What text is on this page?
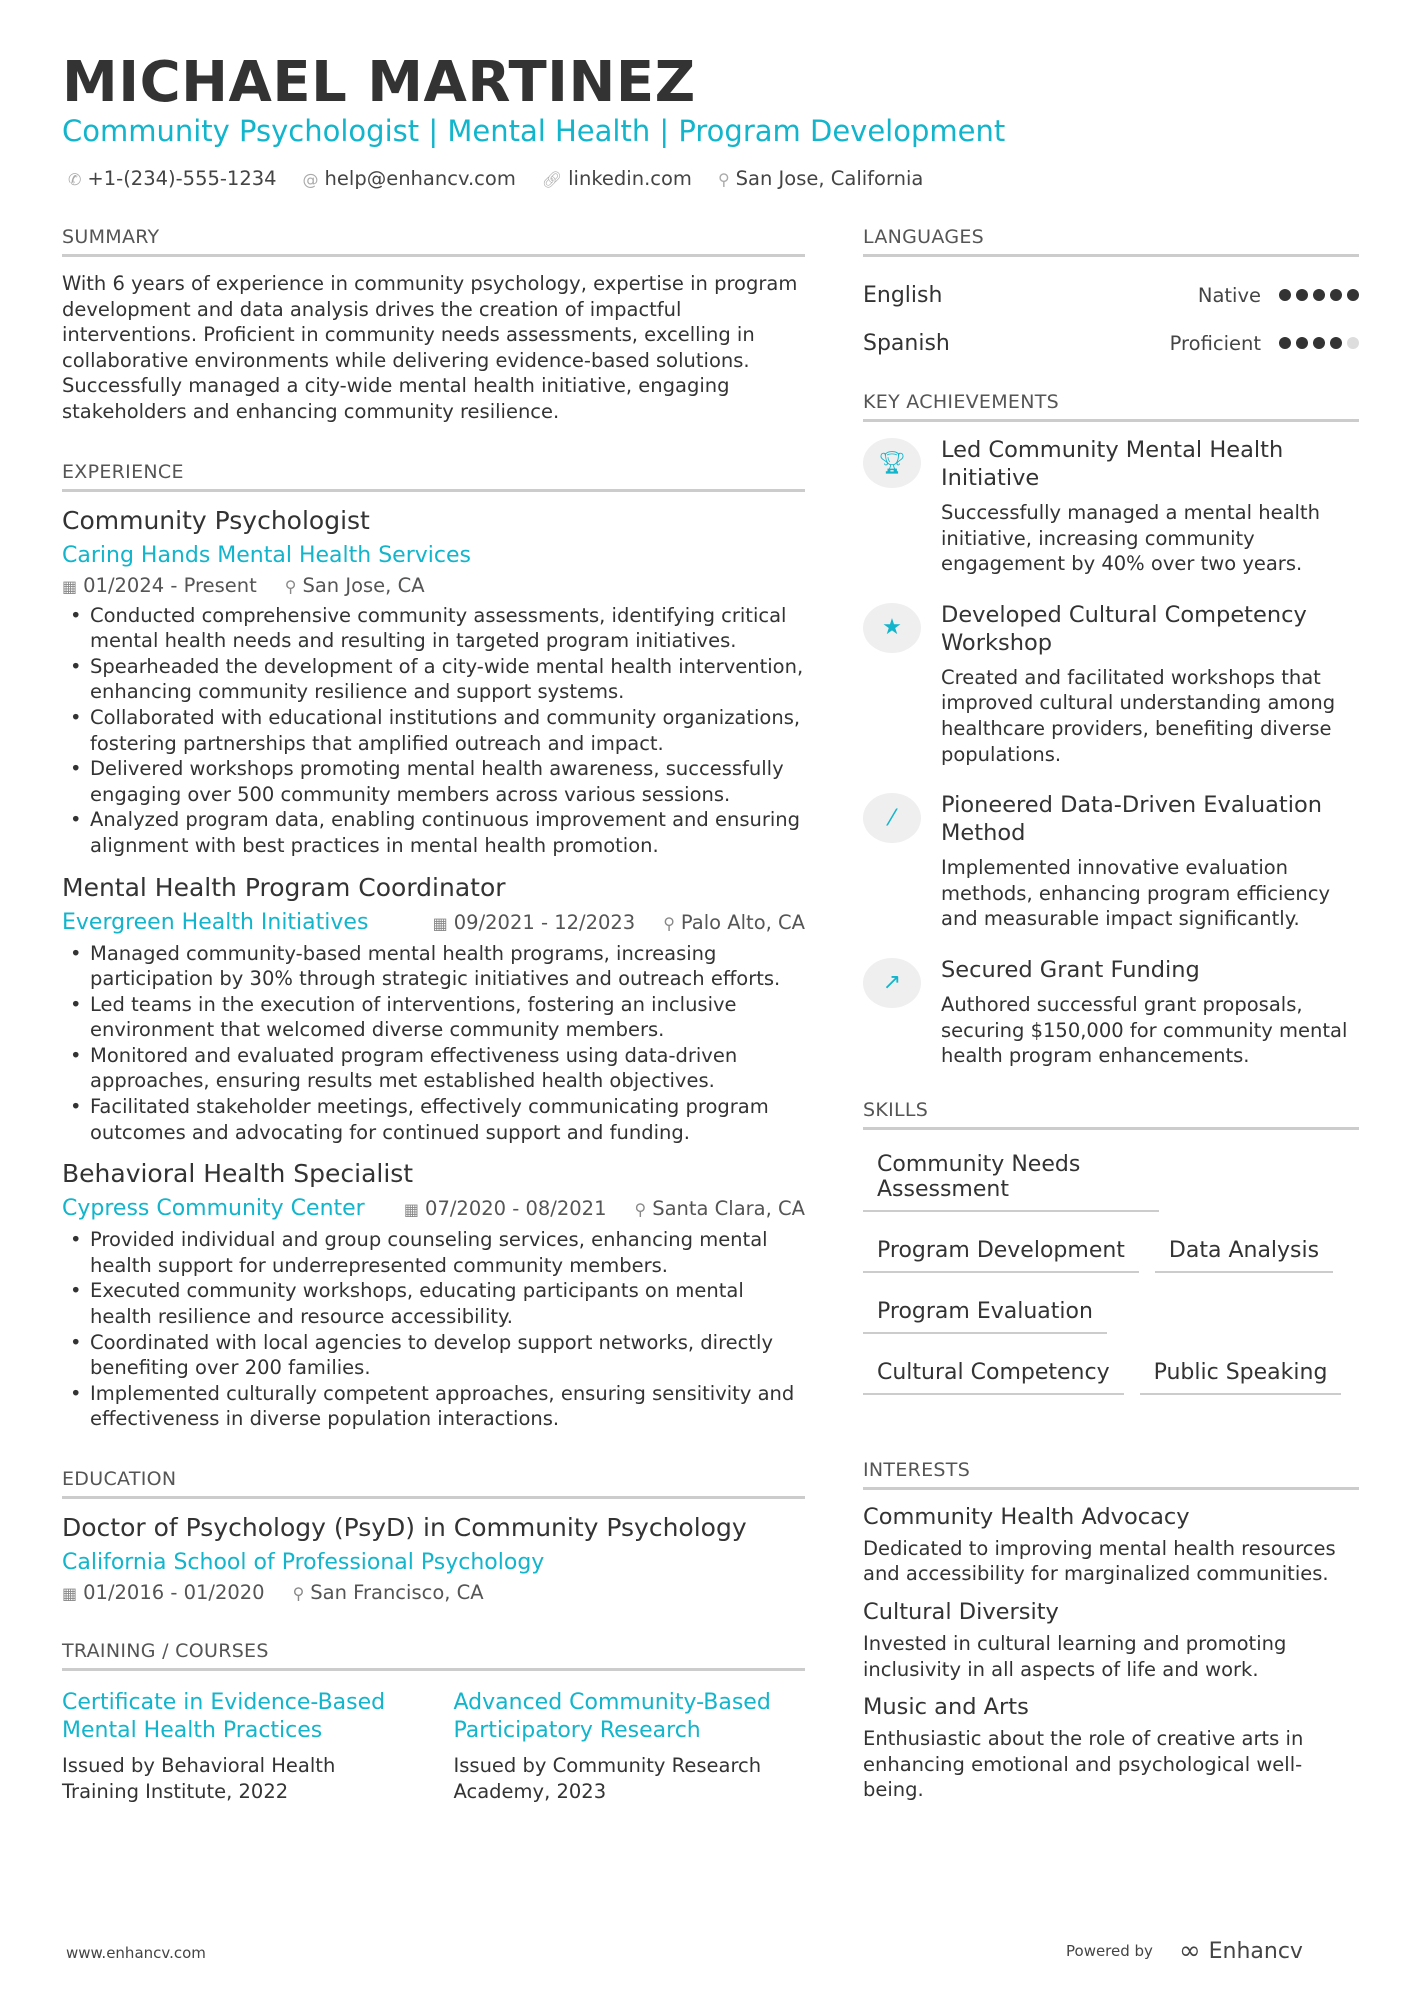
MICHAEL MARTINEZ
Community Psychologist | Mental Health | Program Development
✆ +1-(234)-555-1234 @ help@enhancv.com 🔗︎ linkedin.com ⚲ San Jose, California
SUMMARY
With 6 years of experience in community psychology, expertise in program development and data analysis drives the creation of impactful interventions. Proficient in community needs assessments, excelling in collaborative environments while delivering evidence-based solutions. Successfully managed a city-wide mental health initiative, engaging stakeholders and enhancing community resilience.
EXPERIENCE
Community Psychologist
Caring Hands Mental Health Services
▦ 01/2024 - Present ⚲ San Jose, CA
• Conducted comprehensive community assessments, identifying critical mental health needs and resulting in targeted program initiatives.
• Spearheaded the development of a city-wide mental health intervention, enhancing community resilience and support systems.
• Collaborated with educational institutions and community organizations, fostering partnerships that amplified outreach and impact.
• Delivered workshops promoting mental health awareness, successfully engaging over 500 community members across various sessions.
• Analyzed program data, enabling continuous improvement and ensuring alignment with best practices in mental health promotion.
Mental Health Program Coordinator
Evergreen Health Initiatives	▦ 09/2021 - 12/2023 ⚲ Palo Alto, CA
• Managed community-based mental health programs, increasing participation by 30% through strategic initiatives and outreach efforts.
• Led teams in the execution of interventions, fostering an inclusive environment that welcomed diverse community members.
• Monitored and evaluated program effectiveness using data-driven approaches, ensuring results met established health objectives.
• Facilitated stakeholder meetings, effectively communicating program outcomes and advocating for continued support and funding.
Behavioral Health Specialist
Cypress Community Center ▦ 07/2020 - 08/2021 ⚲ Santa Clara, CA
• Provided individual and group counseling services, enhancing mental health support for underrepresented community members.
• Executed community workshops, educating participants on mental health resilience and resource accessibility.
• Coordinated with local agencies to develop support networks, directly benefiting over 200 families.
• Implemented culturally competent approaches, ensuring sensitivity and effectiveness in diverse population interactions.
EDUCATION
Doctor of Psychology (PsyD) in Community Psychology
California School of Professional Psychology
▦ 01/2016 - 01/2020 ⚲ San Francisco, CA
TRAINING / COURSES
Certificate in Evidence-Based Mental Health Practices
Issued by Behavioral Health Training Institute, 2022
Advanced Community-Based Participatory Research
Issued by Community Research Academy, 2023
LANGUAGES
English	Native
Spanish	Proficient
KEY ACHIEVEMENTS
🏆︎	Led Community Mental Health Initiative
Successfully managed a mental health initiative, increasing community engagement by 40% over two years.
★	Developed Cultural Competency Workshop
Created and facilitated workshops that improved cultural understanding among healthcare providers, benefiting diverse populations.
⁄	Pioneered Data-Driven Evaluation Method
Implemented innovative evaluation methods, enhancing program efficiency and measurable impact significantly.
↗	Secured Grant Funding
Authored successful grant proposals, securing $150,000 for community mental health program enhancements.
SKILLS
Community Needs Assessment
Program Development	Data Analysis
Program Evaluation
Cultural Competency	Public Speaking
INTERESTS
Community Health Advocacy
Dedicated to improving mental health resources and accessibility for marginalized communities.
Cultural Diversity
Invested in cultural learning and promoting inclusivity in all aspects of life and work.
Music and Arts
Enthusiastic about the role of creative arts in enhancing emotional and psychological well-being.
www.enhancv.com	Powered by ∞ Enhancv
